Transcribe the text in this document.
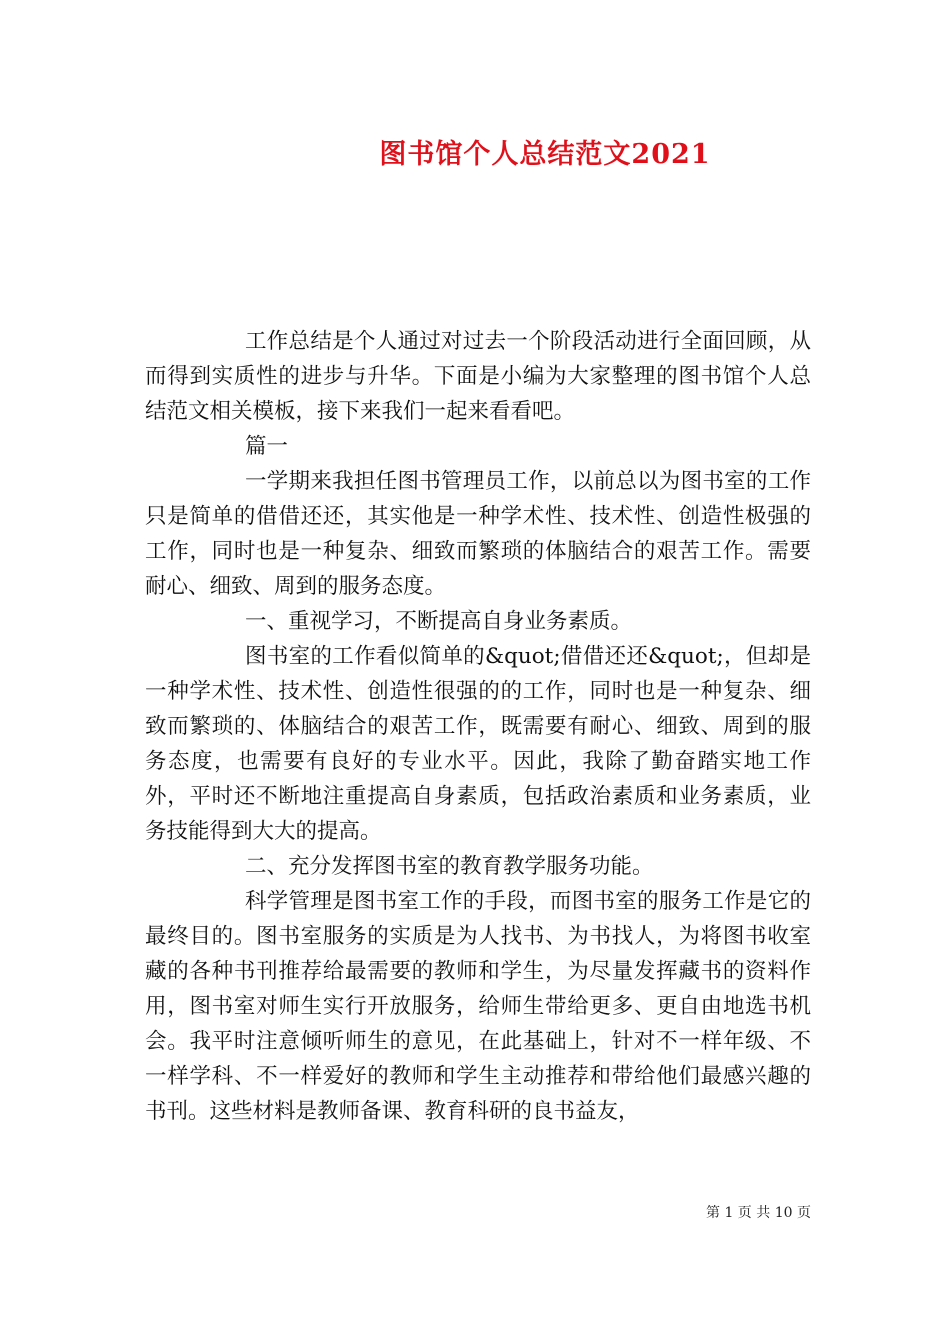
图书馆个人总结范文2021

工作总结是个人通过对过去一个阶段活动进行全面回顾，从而得到实质性的进步与升华。下面是小编为大家整理的图书馆个人总结范文相关模板，接下来我们一起来看看吧。

篇一

一学期来我担任图书管理员工作，以前总以为图书室的工作只是简单的借借还还，其实他是一种学术性、技术性、创造性极强的工作，同时也是一种复杂、细致而繁琐的体脑结合的艰苦工作。需要耐心、细致、周到的服务态度。

一、重视学习，不断提高自身业务素质。

图书室的工作看似简单的&quot;借借还还&quot;，但却是一种学术性、技术性、创造性很强的的工作，同时也是一种复杂、细致而繁琐的、体脑结合的艰苦工作，既需要有耐心、细致、周到的服务态度，也需要有良好的专业水平。因此，我除了勤奋踏实地工作外，平时还不断地注重提高自身素质，包括政治素质和业务素质，业务技能得到大大的提高。

二、充分发挥图书室的教育教学服务功能。

科学管理是图书室工作的手段，而图书室的服务工作是它的最终目的。图书室服务的实质是为人找书、为书找人，为将图书收室藏的各种书刊推荐给最需要的教师和学生，为尽量发挥藏书的资料作用，图书室对师生实行开放服务，给师生带给更多、更自由地选书机会。我平时注意倾听师生的意见，在此基础上，针对不一样年级、不一样学科、不一样爱好的教师和学生主动推荐和带给他们最感兴趣的书刊。这些材料是教师备课、教育科研的良书益友，

第 1 页 共 10 页
